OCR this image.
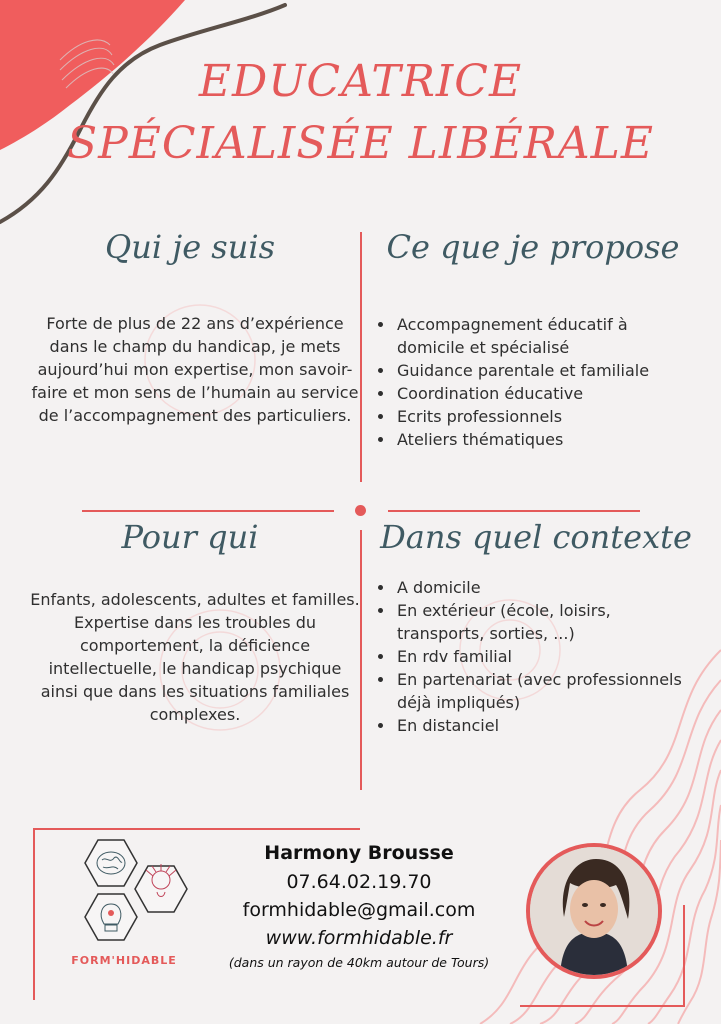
EDUCATRICE
SPÉCIALISÉE LIBÉRALE
Qui je suis
Forte de plus de 22 ans d’expérience dans le champ du handicap, je mets aujourd’hui mon expertise, mon savoir-faire et mon sens de l’humain au service de l’accompagnement des particuliers.
Ce que je propose
• Accompagnement éducatif à domicile et spécialisé
• Guidance parentale et familiale
• Coordination éducative
• Ecrits professionnels
• Ateliers thématiques
Pour qui
Enfants, adolescents, adultes et familles. Expertise dans les troubles du comportement, la déficience intellectuelle, le handicap psychique ainsi que dans les situations familiales complexes.
Dans quel contexte
• A domicile
• En extérieur (école, loisirs, transports, sorties, ...)
• En rdv familial
• En partenariat (avec professionnels déjà impliqués)
• En distanciel
FORM'HIDABLE
Harmony Brousse
07.64.02.19.70
formhidable@gmail.com
www.formhidable.fr
(dans un rayon de 40km autour de Tours)
